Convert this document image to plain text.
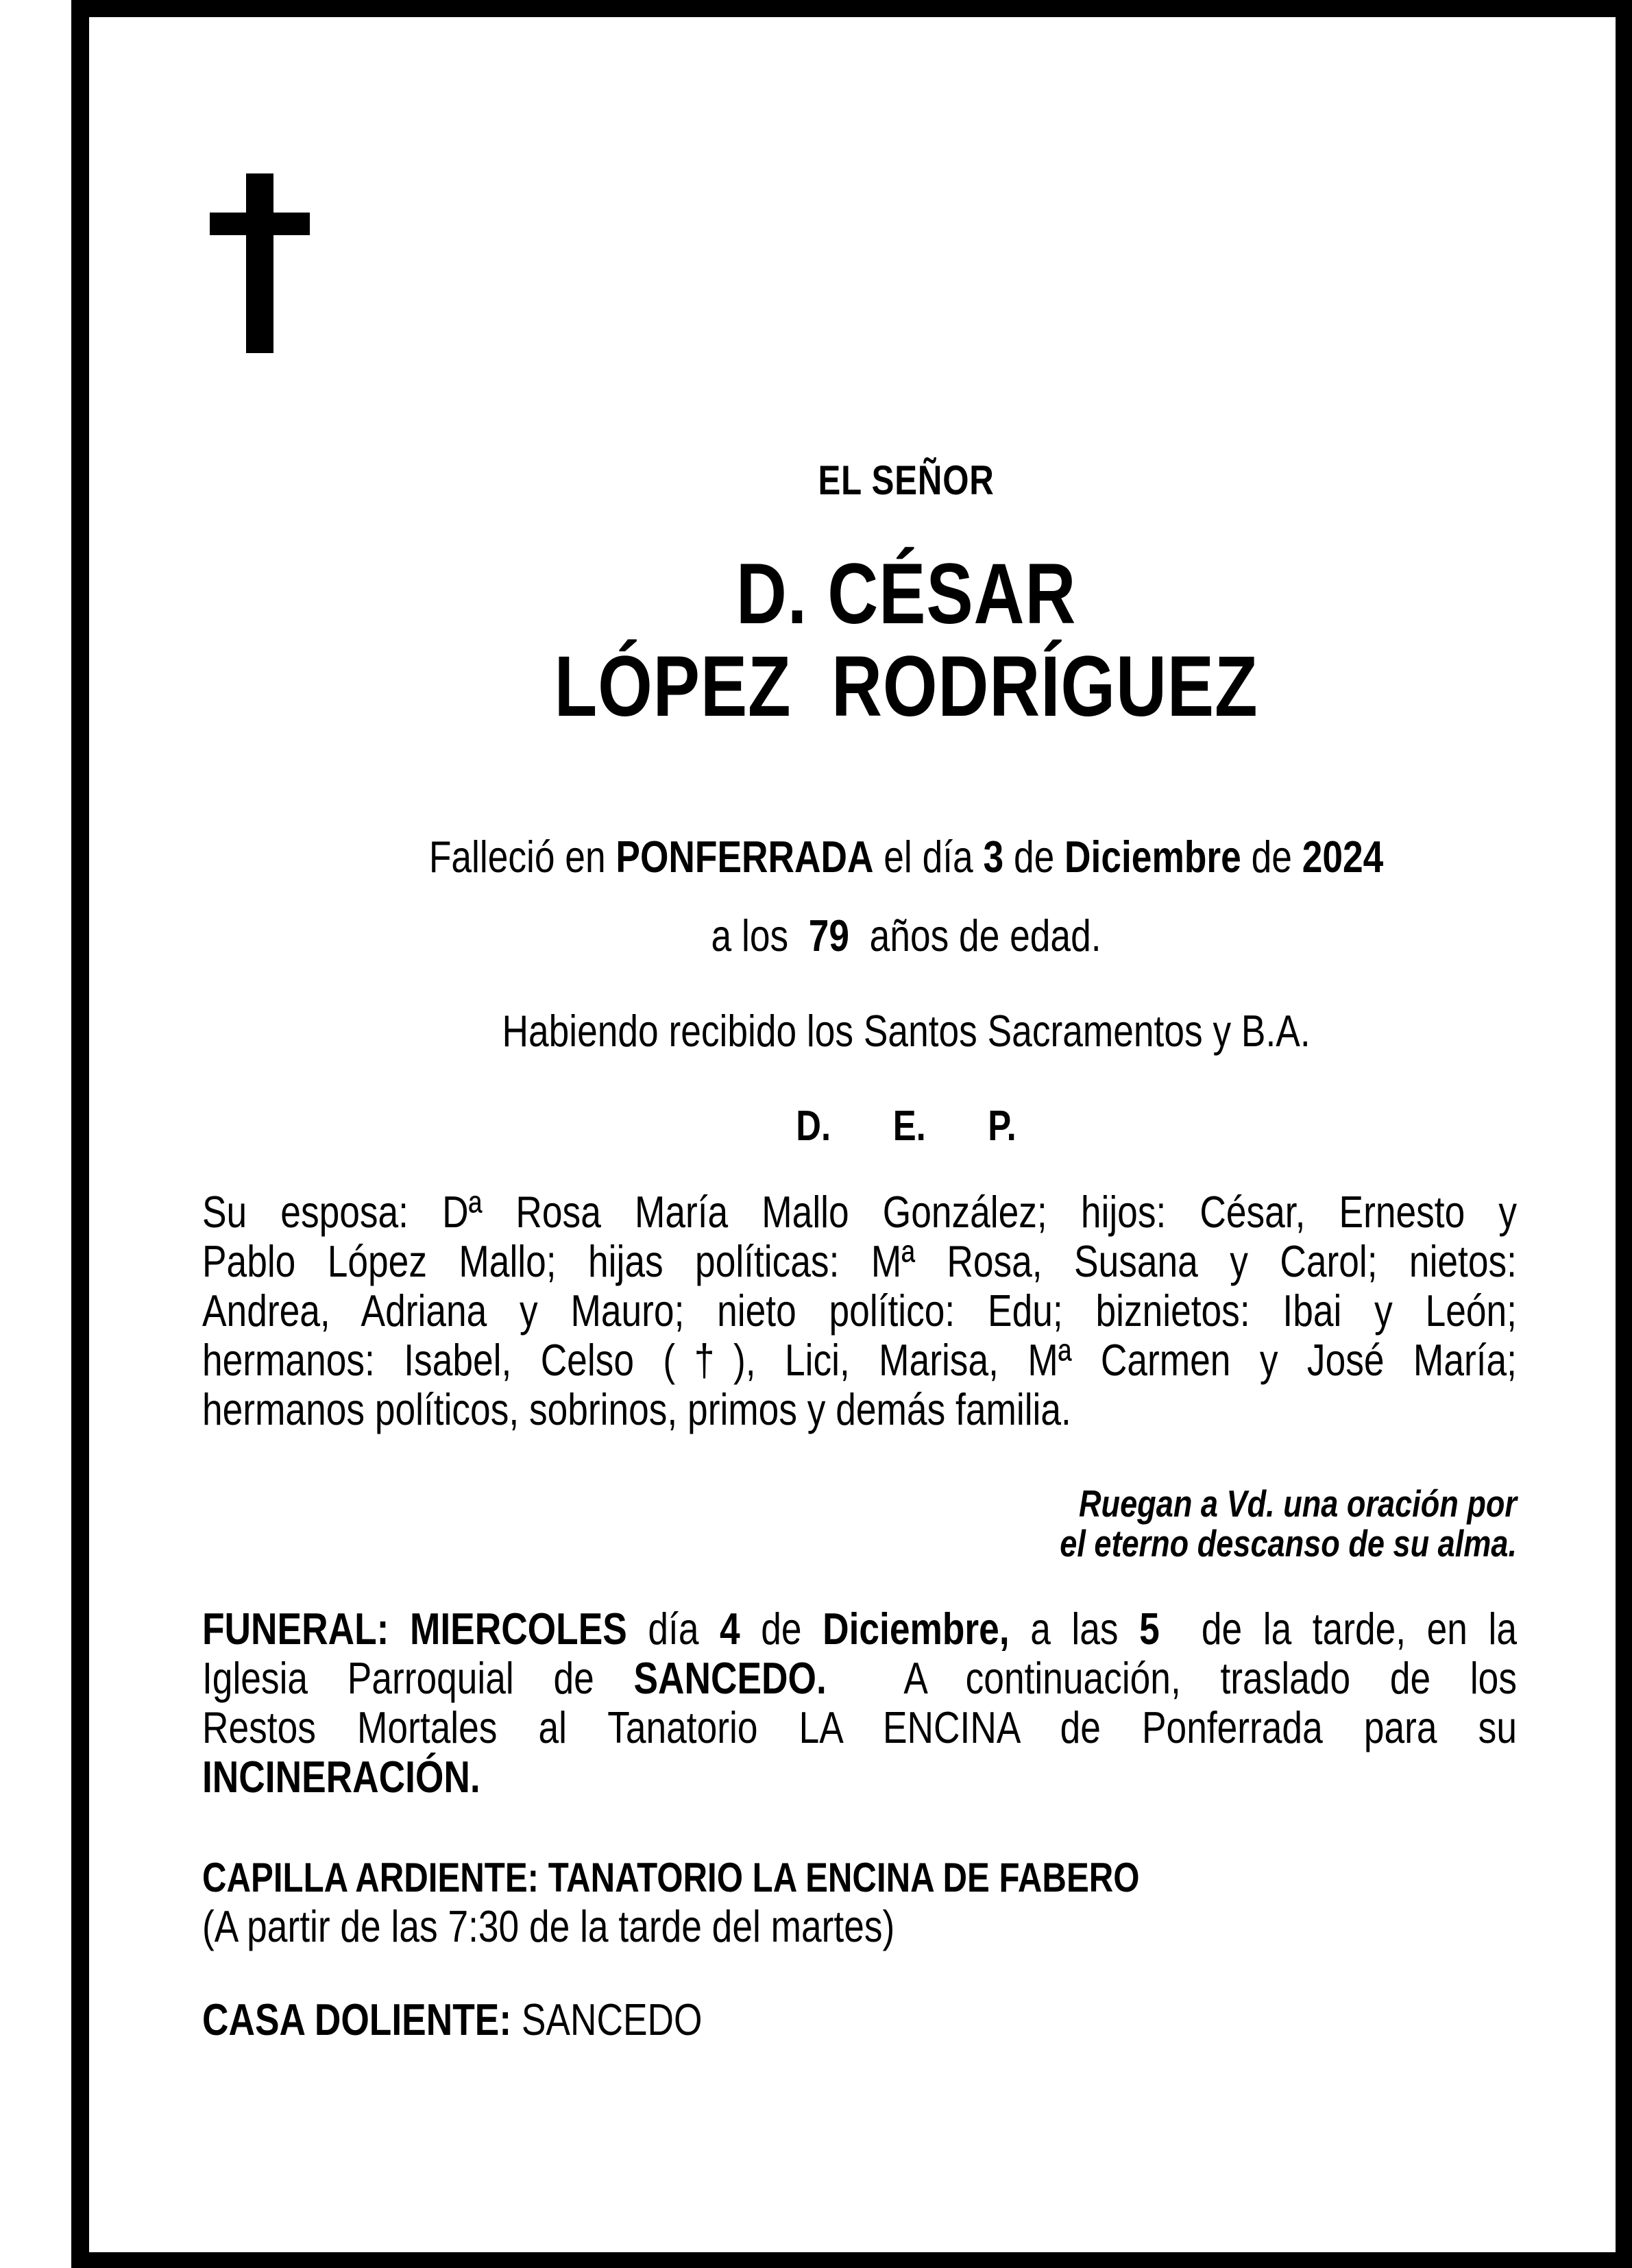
EL SEÑOR
D. CÉSAR
LÓPEZ  RODRÍGUEZ
Falleció en PONFERRADA el día 3 de Diciembre de 2024
a los  79  años de edad.
Habiendo recibido los Santos Sacramentos y B.A.
D.  E.  P.
Su esposa: Dª Rosa María Mallo González; hijos: César, Ernesto y
Pablo López Mallo; hijas políticas: Mª Rosa, Susana y Carol; nietos:
Andrea, Adriana y Mauro; nieto político: Edu; biznietos: Ibai y León;
hermanos: Isabel, Celso (†), Lici, Marisa, Mª Carmen y José María;
hermanos políticos, sobrinos, primos y demás familia.
Ruegan a Vd. una oración por
el eterno descanso de su alma.
FUNERAL: MIERCOLES día 4 de Diciembre, a las 5  de la tarde, en la
Iglesia Parroquial de SANCEDO.  A continuación, traslado de los
Restos Mortales al Tanatorio LA ENCINA de Ponferrada para su
INCINERACIÓN.
CAPILLA ARDIENTE: TANATORIO LA ENCINA DE FABERO
(A partir de las 7:30 de la tarde del martes)
CASA DOLIENTE: SANCEDO
